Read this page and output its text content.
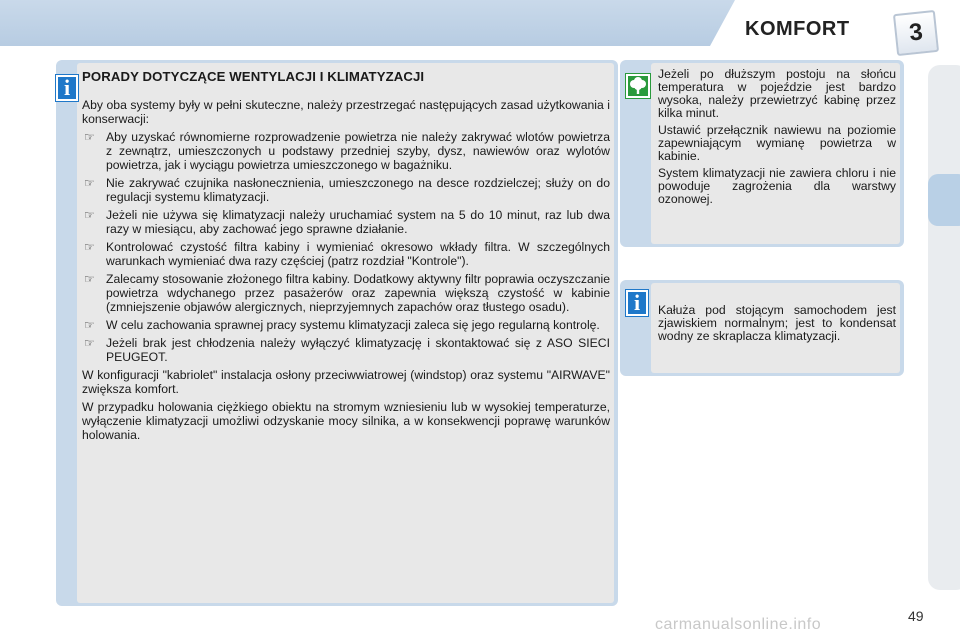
KOMFORT	3
i PORADY DOTYCZĄCE WENTYLACJI I KLIMATYZACJI

Aby oba systemy były w pełni skuteczne, należy przestrzegać następujących zasad użytkowania i konserwacji:

☞ Aby uzyskać równomierne rozprowadzenie powietrza nie należy zakrywać wlotów powietrza z zewnątrz, umieszczonych u podstawy przedniej szyby, dysz, nawiewów oraz wylotów powietrza, jak i wyciągu powietrza umieszczonego w bagażniku.
☞ Nie zakrywać czujnika nasłonecznienia, umieszczonego na desce rozdzielczej; służy on do regulacji systemu klimatyzacji.
☞ Jeżeli nie używa się klimatyzacji należy uruchamiać system na 5 do 10 minut, raz lub dwa razy w miesiącu, aby zachować jego sprawne działanie.
☞ Kontrolować czystość filtra kabiny i wymieniać okresowo wkłady filtra. W szczególnych warunkach wymieniać dwa razy częściej (patrz rozdział "Kontrole").
☞ Zalecamy stosowanie złożonego filtra kabiny. Dodatkowy aktywny filtr poprawia oczyszczanie powietrza wdychanego przez pasażerów oraz zapewnia większą czystość w kabinie (zmniejszenie objawów alergicznych, nieprzyjemnych zapachów oraz tłustego osadu).
☞ W celu zachowania sprawnej pracy systemu klimatyzacji zaleca się jego regularną kontrolę.
☞ Jeżeli brak jest chłodzenia należy wyłączyć klimatyzację i skontaktować się z ASO SIECI PEUGEOT.

W konfiguracji "kabriolet" instalacja osłony przeciwwiatrowej (windstop) oraz systemu "AIRWAVE" zwiększa komfort.

W przypadku holowania ciężkiego obiektu na stromym wzniesieniu lub w wysokiej temperaturze, wyłączenie klimatyzacji umożliwi odzyskanie mocy silnika, a w konsekwencji poprawę warunków holowania.

Jeżeli po dłuższym postoju na słońcu temperatura w pojeździe jest bardzo wysoka, należy przewietrzyć kabinę przez kilka minut.

Ustawić przełącznik nawiewu na poziomie zapewniającym wymianę powietrza w kabinie.

System klimatyzacji nie zawiera chloru i nie powoduje zagrożenia dla warstwy ozonowej.

i	Kałuża pod stojącym samochodem jest zjawiskiem normalnym; jest to kondensat wodny ze skraplacza klimatyzacji.

49
carmanualsonline.info
